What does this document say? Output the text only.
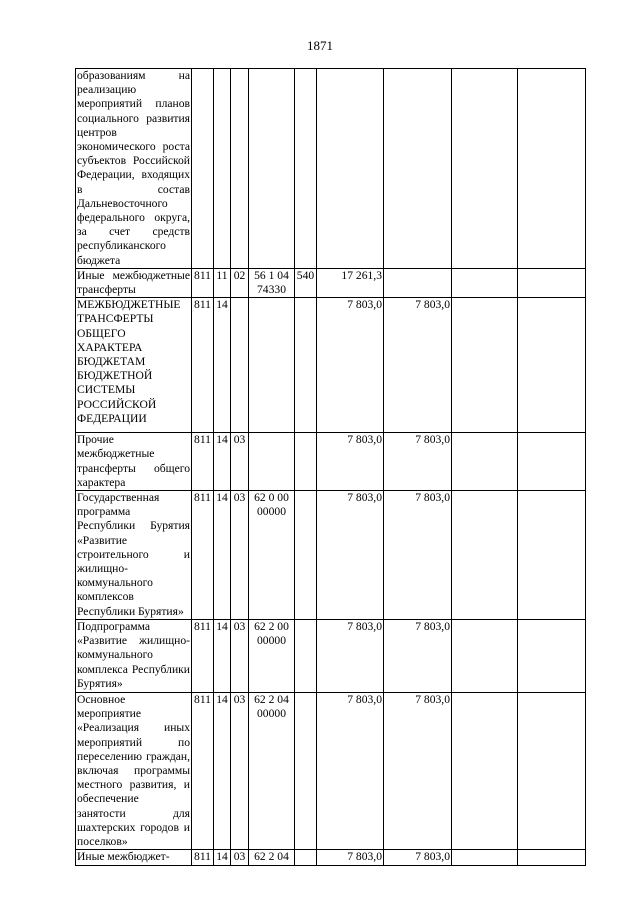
1871
образованиям на реализацию мероприятий планов социального развития центров экономического роста субъектов Российской Федерации, входящих в состав Дальневосточного федерального округа, за счет средств республиканского бюджета									
Иные межбюджетные трансферты	811	11	02	56 1 04 74330	540	17 261,3			
МЕЖБЮДЖЕТНЫЕ ТРАНСФЕРТЫ ОБЩЕГО ХАРАКТЕРА БЮДЖЕТАМ БЮДЖЕТНОЙ СИСТЕМЫ РОССИЙСКОЙ ФЕДЕРАЦИИ	811	14				7 803,0	7 803,0		
Прочие межбюджетные трансферты общего характера	811	14	03			7 803,0	7 803,0		
Государственная программа Республики Бурятия «Развитие строительного и жилищно-коммунального комплексов Республики Бурятия»	811	14	03	62 0 00 00000		7 803,0	7 803,0		
Подпрограмма «Развитие жилищно-коммунального комплекса Республики Бурятия»	811	14	03	62 2 00 00000		7 803,0	7 803,0		
Основное мероприятие «Реализация иных мероприятий по переселению граждан, включая программы местного развития, и обеспечение занятости для шахтерских городов и поселков»	811	14	03	62 2 04 00000		7 803,0	7 803,0		
Иные межбюджет-	811	14	03	62 2 04		7 803,0	7 803,0		
